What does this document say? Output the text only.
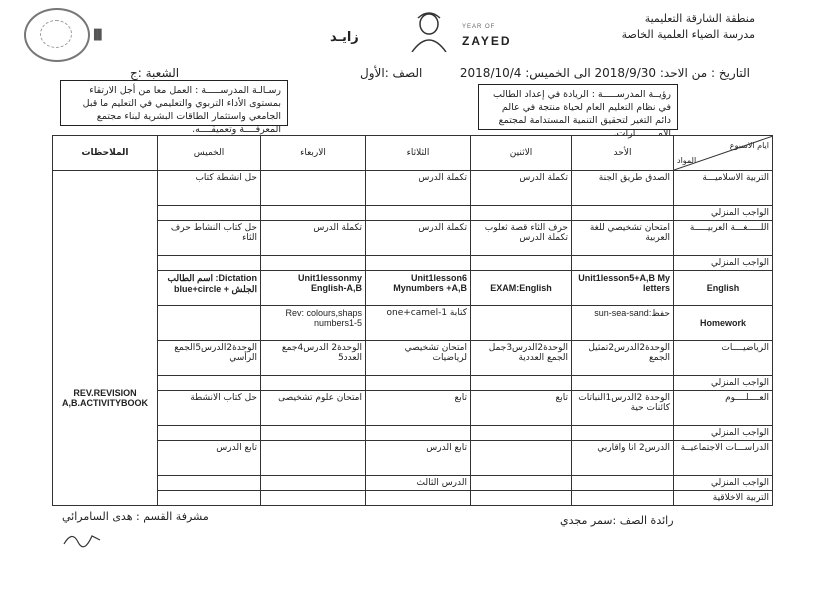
▐▌	زايـد
YEAR OF
ZAYED
منطقة الشارقة التعليمية
مدرسة الضياء العلمية الخاصة
التاريخ : من الاحد: 2018/9/30 الى الخميس: 2018/10/4
الصف :الأول
الشعبة :ج
رؤيــة المدرســـــة : الريادة في إعداد الطالب في نظام التعليم العام لحياة منتجة في عالم دائم التغير لتحقيق التنمية المستدامة لمجتمع الامــــــــارات.
رسـالـة المدرســـــة : العمل معا من أجل الارتقاء بمستوى الأداء التربوي والتعليمي في التعليم ما قبل الجامعي واستثمار الطاقات البشرية لبناء مجتمع المعرفــــة وتعميقــــه.
الملاحظات	الخميس	الاربعاء	الثلاثاء	الاثنين	الأحد	ايام الاسبوع
المواد

REV.REVISION A,B.ACTIVITYBOOK	حل انشطة كتاب		تكملة الدرس	تكملة الدرس	الصدق طريق الجنة	التربية الاسلاميـــة
						الواجب المنزلي
	حل كتاب النشاط حرف الثاء	تكملة الدرس	تكملة الدرس	حرف الثاء قصة ثعلوب تكملة الدرس	امتحان تشخيصي للغة العربية	اللـــــغـــة العربيـــــة
						الواجب المنزلي
	Dictation: اسم الطالب الجلش + blue+circle	Unit1lessonmy English-A,B	Unit1lesson6 Mynumbers +A,B	EXAM:English	Unit1lesson5+A,B My letters	English
		Rev: colours,shaps numbers1-5	كتابة 1-one+camel		حفظ:sun-sea-sand	Homework
	الوحدة2الدرس5الجمع الرأسي	الوحدة2 الدرس4جمع العدد5	امتحان تشخيصي لرياضيات	الوحدة2الدرس3جمل الجمع العددية	الوحدة2الدرس2تمثيل الجمع	الرياضيــــات
						الواجب المنزلي
	حل كتاب الانشطة	امتحان علوم تشخيصى	تابع	تابع	الوحدة 2الدرس1النباتات كائنات حية	العــــلــــوم
						الواجب المنزلي
	تابع الدرس		تابع الدرس		الدرس2 انا واقاربي	الدراســـات الاجتماعيــة
			الدرس الثالث			الواجب المنزلي
						التربية الاخلاقية
مشرفة القسم : هدى السامرائي	رائدة الصف :سمر مجدي
